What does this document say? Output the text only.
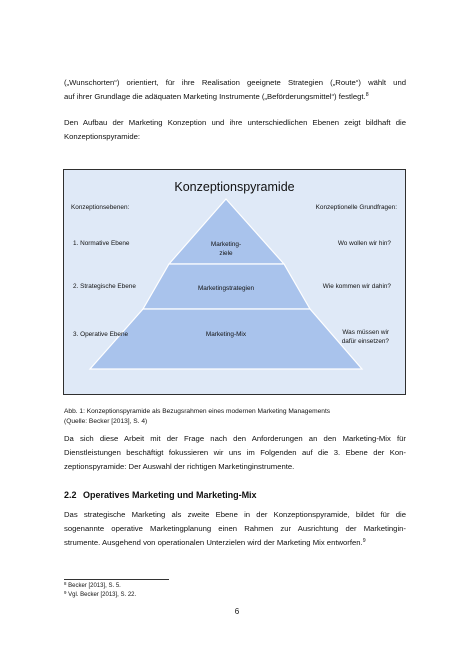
(„Wunschorten“) orientiert, für ihre Realisation geeignete Strategien („Route“) wählt und
auf ihrer Grundlage die adäquaten Marketing Instrumente („Beförderungsmittel“) festlegt.$^8$

Den Aufbau der Marketing Konzeption und ihre unterschiedlichen Ebenen zeigt bildhaft die
Konzeptionspyramide:

Konzeptionspyramide
Konzeptionsebenen:	Konzeptionelle Grundfragen:
Marketing-
ziele
Marketingstrategien
Marketing-Mix
1. Normative Ebene
2. Strategische Ebene
3. Operative Ebene
Wo wollen wir hin?
Wie kommen wir dahin?
Was müssen wir
dafür einsetzen?

Abb. 1: Konzeptionspyramide als Bezugsrahmen eines modernen Marketing Managements
(Quelle: Becker [2013], S. 4)

Da sich diese Arbeit mit der Frage nach den Anforderungen an den Marketing-Mix für
Dienstleistungen beschäftigt fokussieren wir uns im Folgenden auf die 3. Ebene der Kon-
zeptionspyramide: Der Auswahl der richtigen Marketinginstrumente.

2.2 Operatives Marketing und Marketing-Mix

Das strategische Marketing als zweite Ebene in der Konzeptionspyramide, bildet für die
sogenannte operative Marketingplanung einen Rahmen zur Ausrichtung der Marketingin-
strumente. Ausgehend von operationalen Unterzielen wird der Marketing Mix entworfen.$^9$

$^8$ Becker [2013], S. 5.
$^9$ Vgl. Becker [2013], S. 22.
6
